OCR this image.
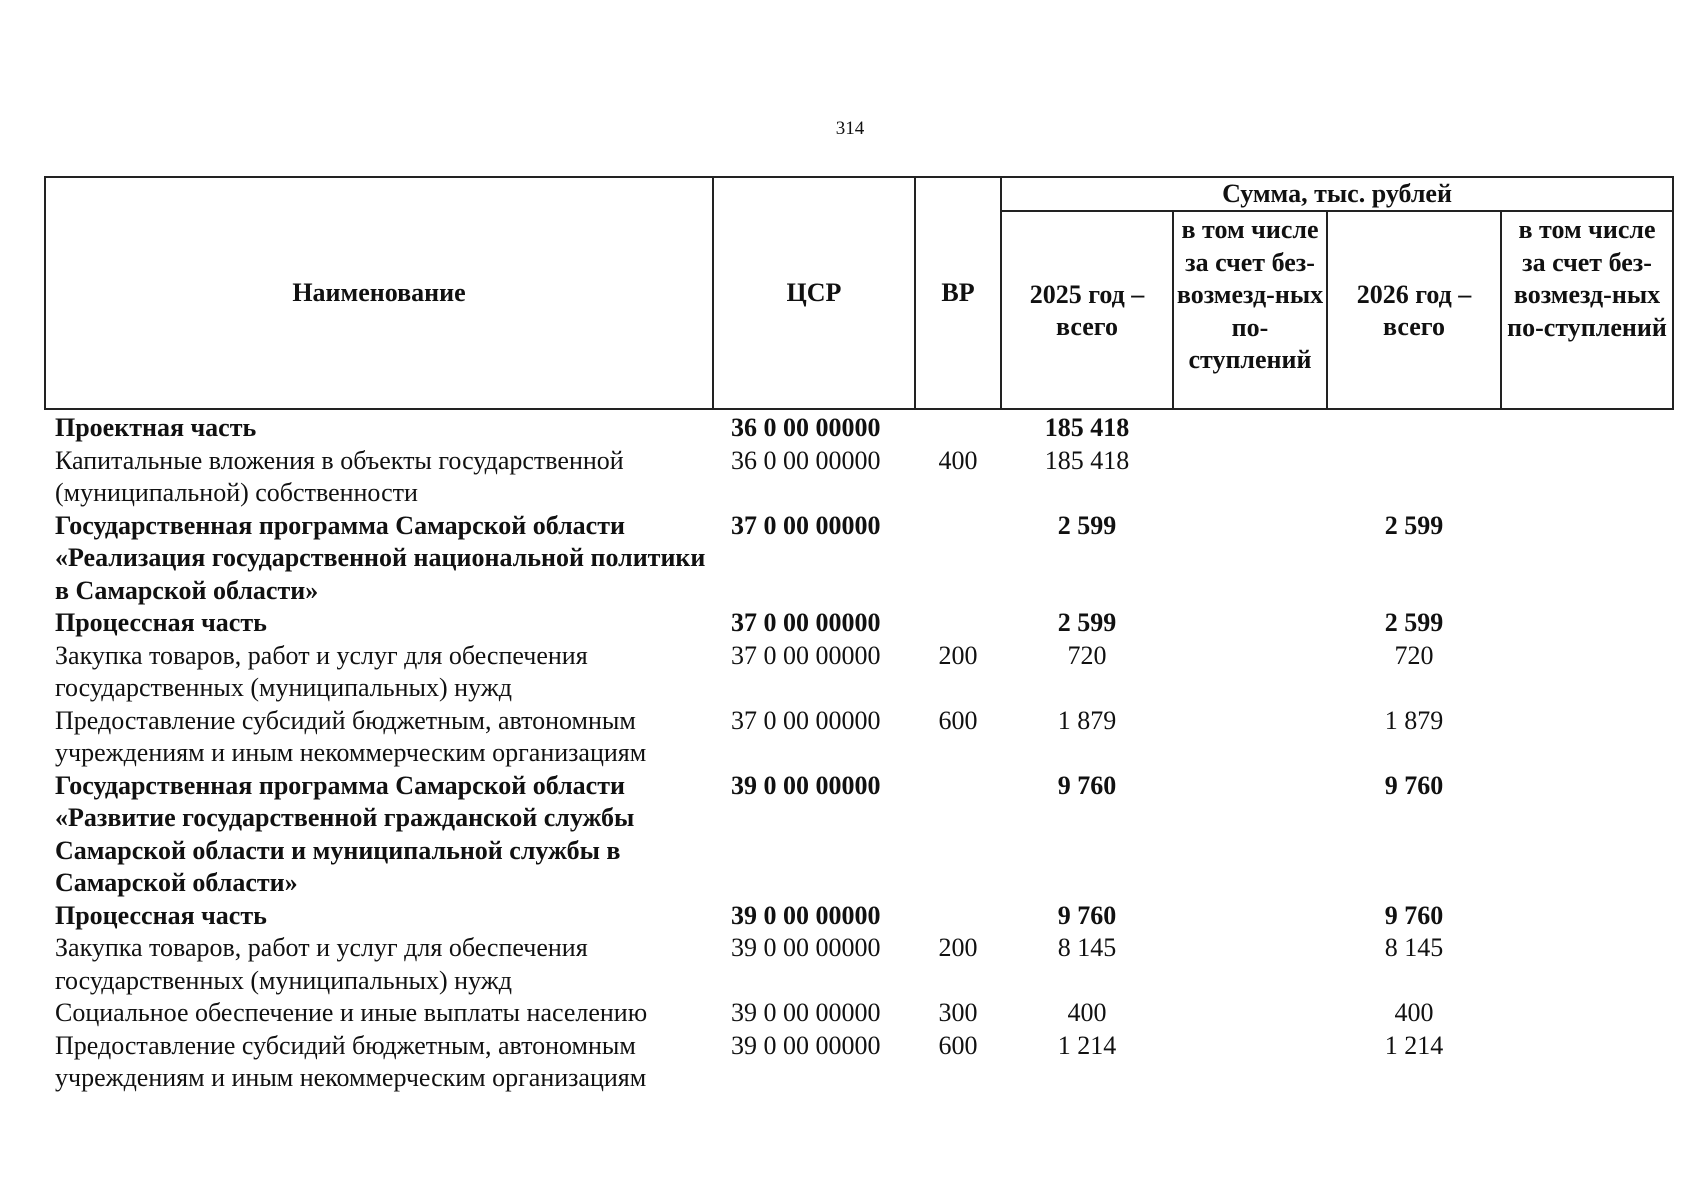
314
Наименование	ЦСР	ВР	Сумма, тыс. рублей			
			2025 год – всего	в том числе за счет без-возмезд-ных по-ступлений	2026 год – всего	в том числе за счет без-возмезд-ных по-ступлений
Проектная часть	36 0 00 00000		185 418			
Капитальные вложения в объекты государственной (муниципальной) собственности	36 0 00 00000	400	185 418			
Государственная программа Самарской области «Реализация государственной национальной политики в Самарской области»	37 0 00 00000		2 599		2 599	
Процессная часть	37 0 00 00000		2 599		2 599	
Закупка товаров, работ и услуг для обеспечения государственных (муниципальных) нужд	37 0 00 00000	200	720		720	
Предоставление субсидий бюджетным, автономным учреждениям и иным некоммерческим организациям	37 0 00 00000	600	1 879		1 879	
Государственная программа Самарской области «Развитие государственной гражданской службы Самарской области и муниципальной службы в Самарской области»	39 0 00 00000		9 760		9 760	
Процессная часть	39 0 00 00000		9 760		9 760	
Закупка товаров, работ и услуг для обеспечения государственных (муниципальных) нужд	39 0 00 00000	200	8 145		8 145	
Социальное обеспечение и иные выплаты населению	39 0 00 00000	300	400		400	
Предоставление субсидий бюджетным, автономным учреждениям и иным некоммерческим организациям	39 0 00 00000	600	1 214		1 214	
